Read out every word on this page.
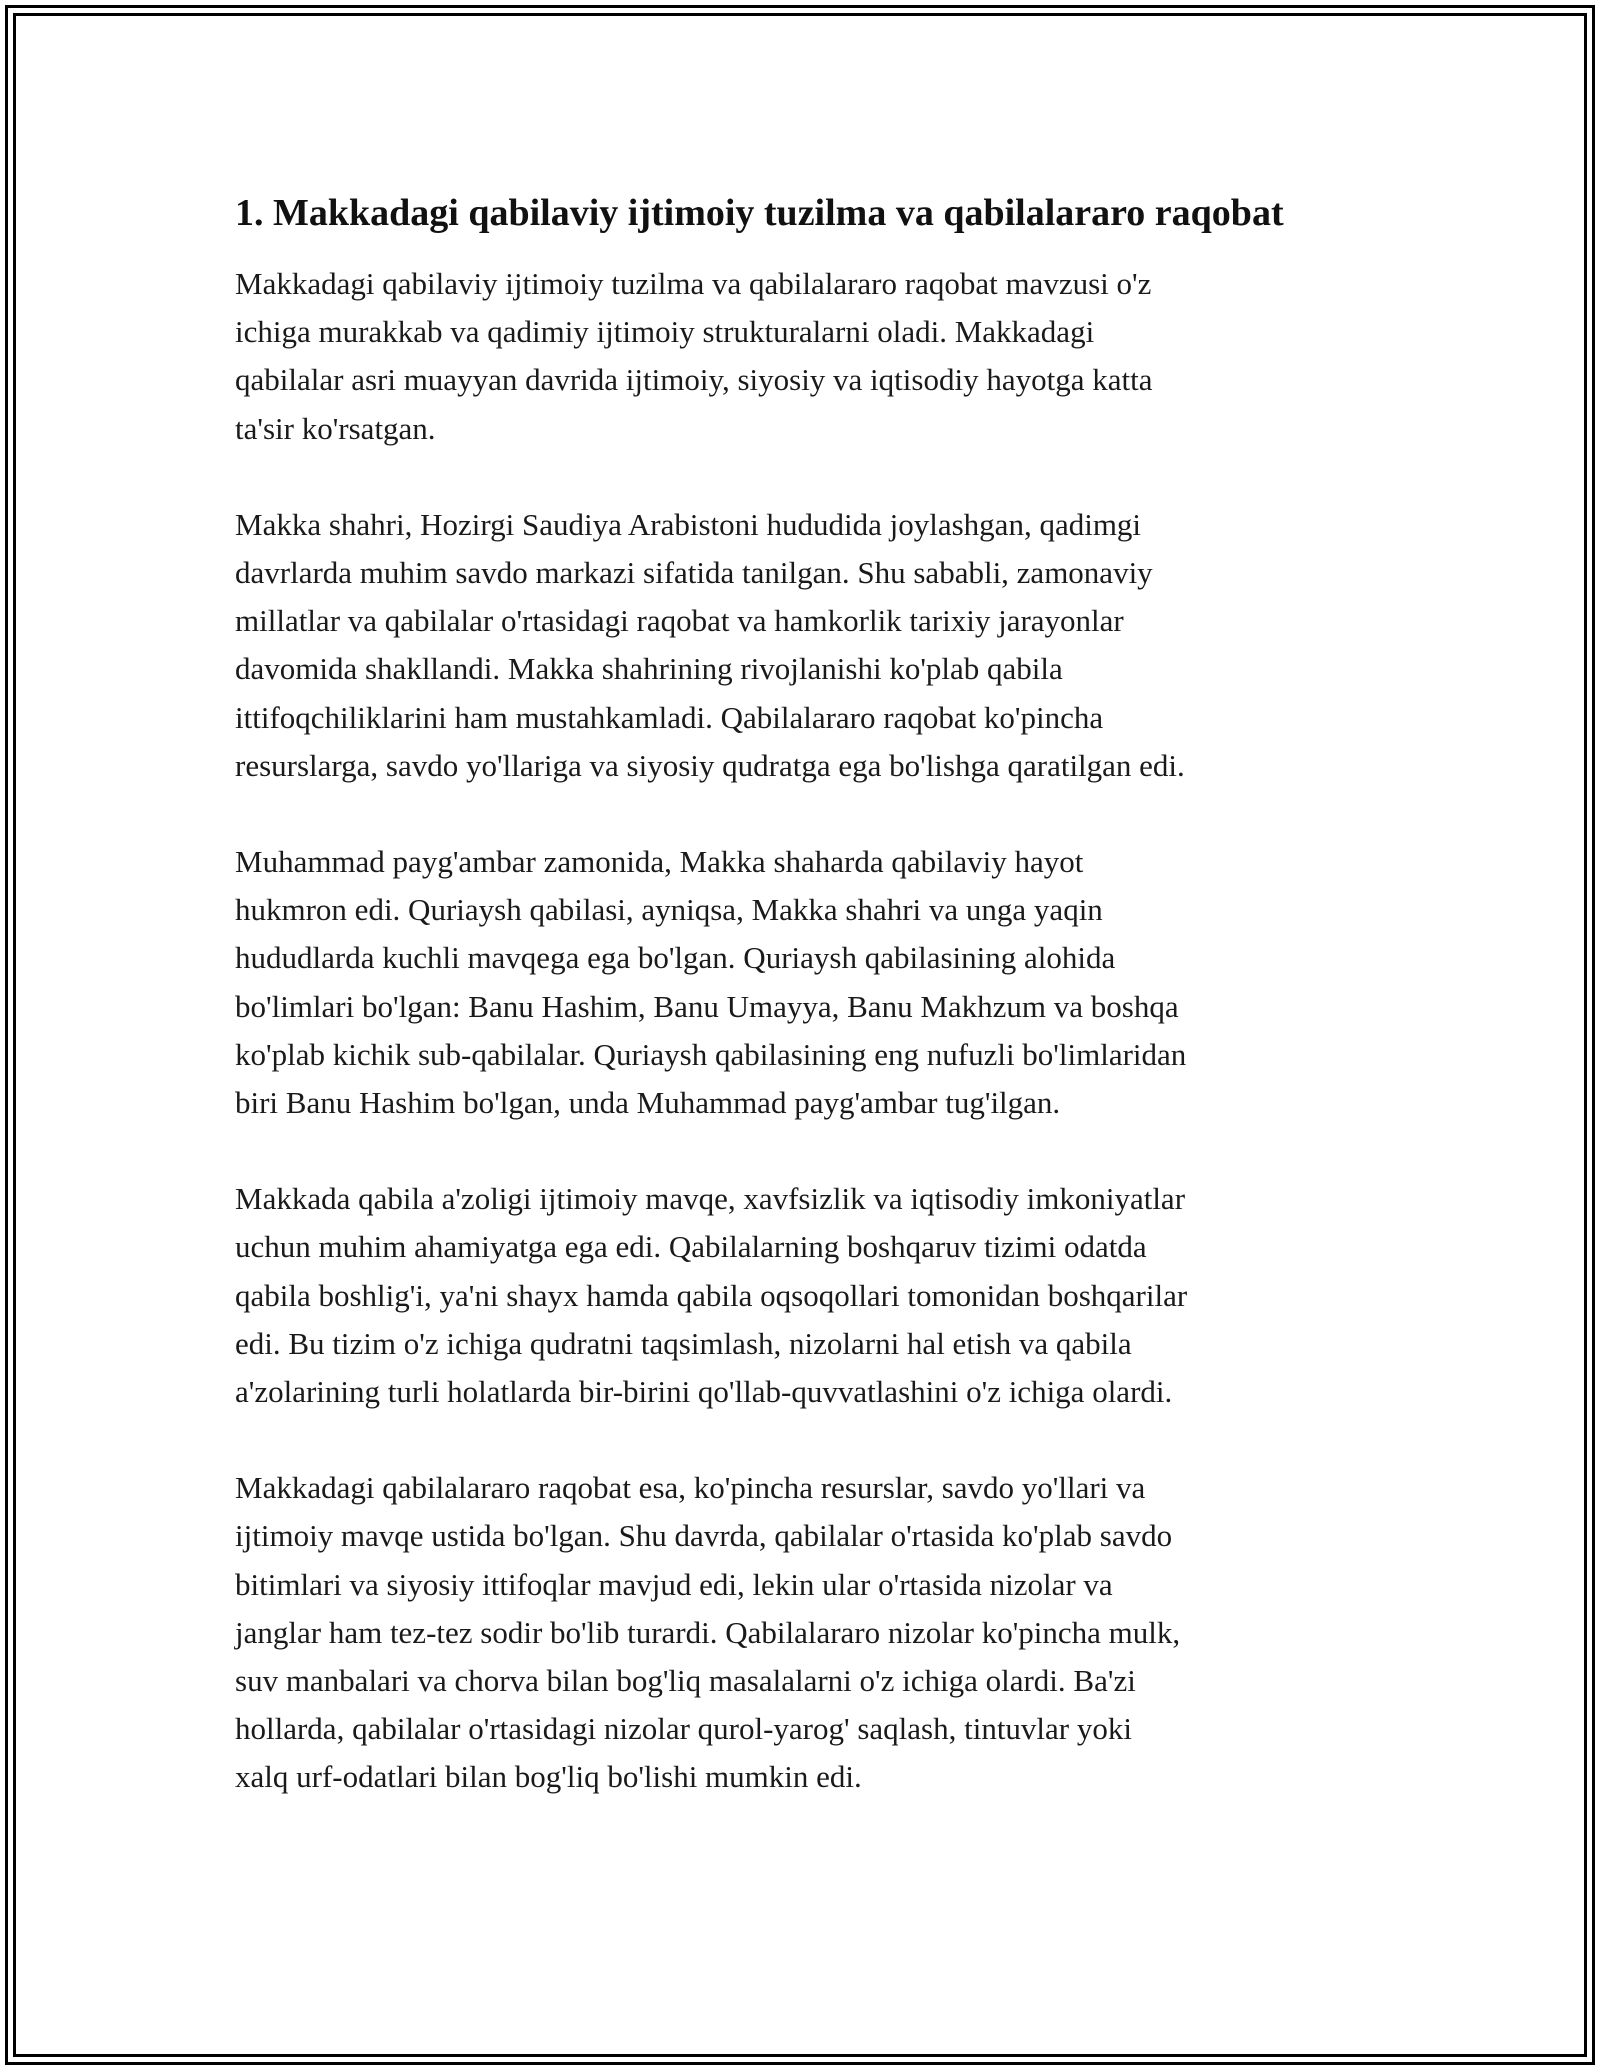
1. Makkadagi qabilaviy ijtimoiy tuzilma va qabilalararo raqobat

Makkadagi qabilaviy ijtimoiy tuzilma va qabilalararo raqobat mavzusi o'z
ichiga murakkab va qadimiy ijtimoiy strukturalarni oladi. Makkadagi
qabilalar asri muayyan davrida ijtimoiy, siyosiy va iqtisodiy hayotga katta
ta'sir ko'rsatgan.

Makka shahri, Hozirgi Saudiya Arabistoni hududida joylashgan, qadimgi
davrlarda muhim savdo markazi sifatida tanilgan. Shu sababli, zamonaviy
millatlar va qabilalar o'rtasidagi raqobat va hamkorlik tarixiy jarayonlar
davomida shakllandi. Makka shahrining rivojlanishi ko'plab qabila
ittifoqchiliklarini ham mustahkamladi. Qabilalararo raqobat ko'pincha
resurslarga, savdo yo'llariga va siyosiy qudratga ega bo'lishga qaratilgan edi.

Muhammad payg'ambar zamonida, Makka shaharda qabilaviy hayot
hukmron edi. Quriaysh qabilasi, ayniqsa, Makka shahri va unga yaqin
hududlarda kuchli mavqega ega bo'lgan. Quriaysh qabilasining alohida
bo'limlari bo'lgan: Banu Hashim, Banu Umayya, Banu Makhzum va boshqa
ko'plab kichik sub-qabilalar. Quriaysh qabilasining eng nufuzli bo'limlaridan
biri Banu Hashim bo'lgan, unda Muhammad payg'ambar tug'ilgan.

Makkada qabila a'zoligi ijtimoiy mavqe, xavfsizlik va iqtisodiy imkoniyatlar
uchun muhim ahamiyatga ega edi. Qabilalarning boshqaruv tizimi odatda
qabila boshlig'i, ya'ni shayx hamda qabila oqsoqollari tomonidan boshqarilar
edi. Bu tizim o'z ichiga qudratni taqsimlash, nizolarni hal etish va qabila
a'zolarining turli holatlarda bir-birini qo'llab-quvvatlashini o'z ichiga olardi.

Makkadagi qabilalararo raqobat esa, ko'pincha resurslar, savdo yo'llari va
ijtimoiy mavqe ustida bo'lgan. Shu davrda, qabilalar o'rtasida ko'plab savdo
bitimlari va siyosiy ittifoqlar mavjud edi, lekin ular o'rtasida nizolar va
janglar ham tez-tez sodir bo'lib turardi. Qabilalararo nizolar ko'pincha mulk,
suv manbalari va chorva bilan bog'liq masalalarni o'z ichiga olardi. Ba'zi
hollarda, qabilalar o'rtasidagi nizolar qurol-yarog' saqlash, tintuvlar yoki
xalq urf-odatlari bilan bog'liq bo'lishi mumkin edi.
